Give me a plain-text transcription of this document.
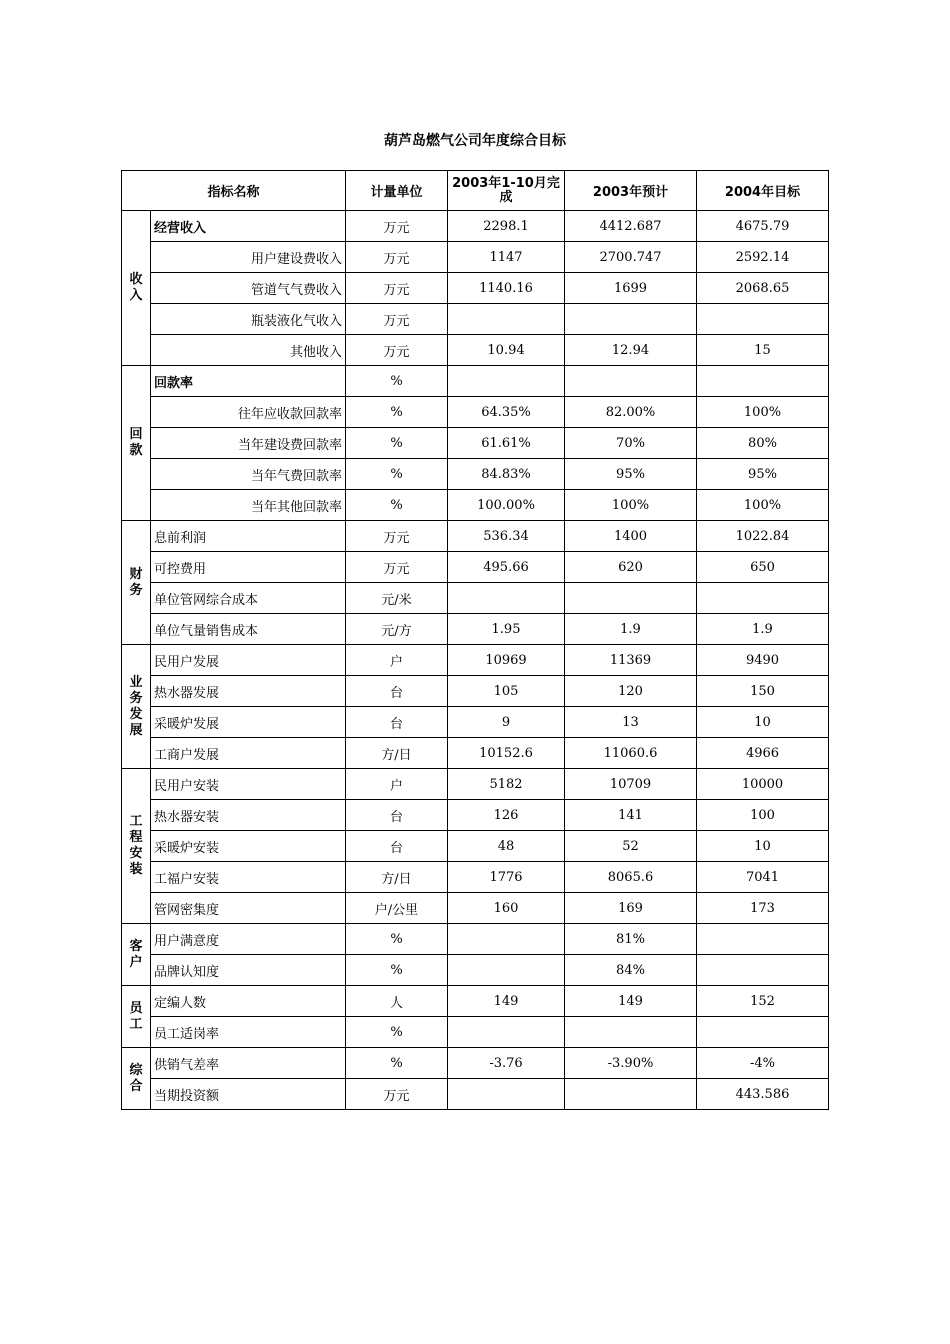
葫芦岛燃气公司年度综合目标
指标名称		计量单位	2003年1-10月完成	2003年预计	2004年目标
收入	经营收入	万元	2298.1	4412.687	4675.79
	用户建设费收入	万元	1147	2700.747	2592.14
	管道气气费收入	万元	1140.16	1699	2068.65
	瓶装液化气收入	万元			
	其他收入	万元	10.94	12.94	15
回款	回款率	%			
	往年应收款回款率	%	64.35%	82.00%	100%
	当年建设费回款率	%	61.61%	70%	80%
	当年气费回款率	%	84.83%	95%	95%
	当年其他回款率	%	100.00%	100%	100%
财务	息前利润	万元	536.34	1400	1022.84
	可控费用	万元	495.66	620	650
	单位管网综合成本	元/米			
	单位气量销售成本	元/方	1.95	1.9	1.9
业务发展	民用户发展	户	10969	11369	9490
	热水器发展	台	105	120	150
	采暖炉发展	台	9	13	10
	工商户发展	方/日	10152.6	11060.6	4966
工程安装	民用户安装	户	5182	10709	10000
	热水器安装	台	126	141	100
	采暖炉安装	台	48	52	10
	工福户安装	方/日	1776	8065.6	7041
	管网密集度	户/公里	160	169	173
客户	用户满意度	%		81%	
	品牌认知度	%		84%	
员工	定编人数	人	149	149	152
	员工适岗率	%			
综合	供销气差率	%	-3.76	-3.90%	-4%
	当期投资额	万元			443.586
